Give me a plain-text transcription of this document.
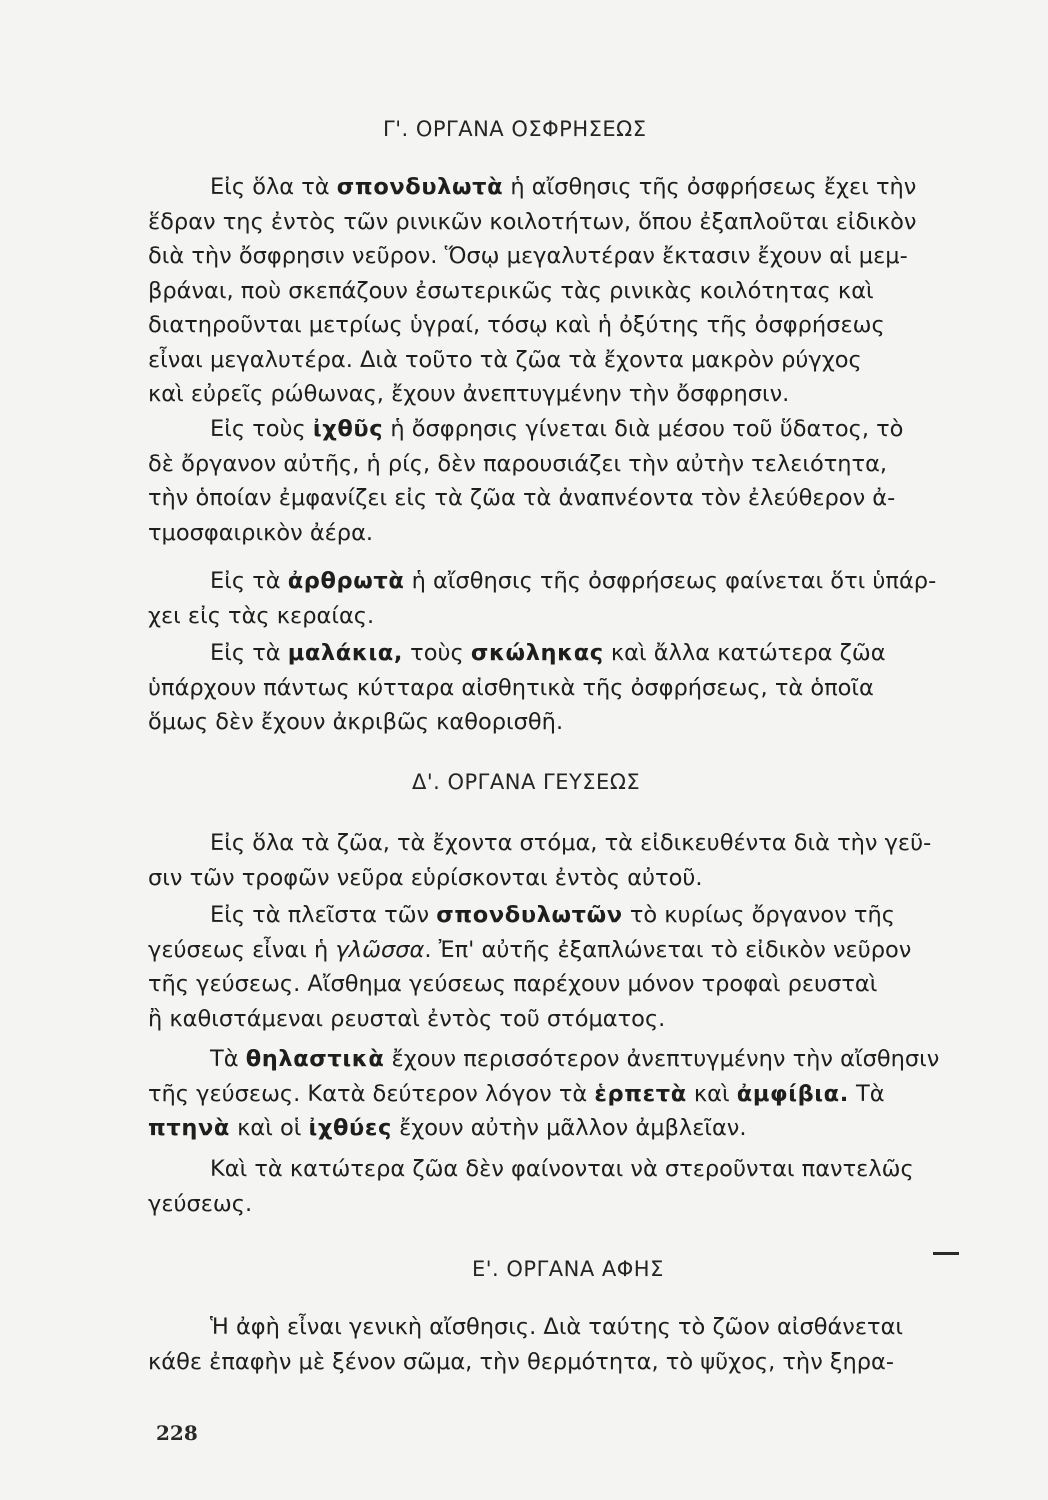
Γ'. ΟΡΓΑΝΑ ΟΣΦΡΗΣΕΩΣ
Εἰς ὅλα τὰ σπονδυλωτὰ ἡ αἴσθησις τῆς ὀσφρήσεως ἔχει τὴν
ἕδραν της ἐντὸς τῶν ρινικῶν κοιλοτήτων, ὅπου ἐξαπλοῦται εἰδικὸν
διὰ τὴν ὄσφρησιν νεῦρον. Ὅσῳ μεγαλυτέραν ἔκτασιν ἔχουν αἱ μεμ-
βράναι, ποὺ σκεπάζουν ἐσωτερικῶς τὰς ρινικὰς κοιλότητας καὶ
διατηροῦνται μετρίως ὑγραί, τόσῳ καὶ ἡ ὀξύτης τῆς ὀσφρήσεως
εἶναι μεγαλυτέρα. Διὰ τοῦτο τὰ ζῶα τὰ ἔχοντα μακρὸν ρύγχος
καὶ εὐρεῖς ρώθωνας, ἔχουν ἀνεπτυγμένην τὴν ὄσφρησιν.
Εἰς τοὺς ἰχθῦς ἡ ὄσφρησις γίνεται διὰ μέσου τοῦ ὕδατος, τὸ
δὲ ὄργανον αὐτῆς, ἡ ρίς, δὲν παρουσιάζει τὴν αὐτὴν τελειότητα,
τὴν ὁποίαν ἐμφανίζει εἰς τὰ ζῶα τὰ ἀναπνέοντα τὸν ἐλεύθερον ἀ-
τμοσφαιρικὸν ἀέρα.
Εἰς τὰ ἀρθρωτὰ ἡ αἴσθησις τῆς ὀσφρήσεως φαίνεται ὅτι ὑπάρ-
χει εἰς τὰς κεραίας.
Εἰς τὰ μαλάκια, τοὺς σκώληκας καὶ ἄλλα κατώτερα ζῶα
ὑπάρχουν πάντως κύτταρα αἰσθητικὰ τῆς ὀσφρήσεως, τὰ ὁποῖα
ὅμως δὲν ἔχουν ἀκριβῶς καθορισθῆ.
Δ'. ΟΡΓΑΝΑ ΓΕΥΣΕΩΣ
Εἰς ὅλα τὰ ζῶα, τὰ ἔχοντα στόμα, τὰ εἰδικευθέντα διὰ τὴν γεῦ-
σιν τῶν τροφῶν νεῦρα εὑρίσκονται ἐντὸς αὐτοῦ.
Εἰς τὰ πλεῖστα τῶν σπονδυλωτῶν τὸ κυρίως ὄργανον τῆς
γεύσεως εἶναι ἡ γλῶσσα. Ἐπ' αὐτῆς ἐξαπλώνεται τὸ εἰδικὸν νεῦρον
τῆς γεύσεως. Αἴσθημα γεύσεως παρέχουν μόνον τροφαὶ ρευσταὶ
ἢ καθιστάμεναι ρευσταὶ ἐντὸς τοῦ στόματος.
Τὰ θηλαστικὰ ἔχουν περισσότερον ἀνεπτυγμένην τὴν αἴσθησιν
τῆς γεύσεως. Κατὰ δεύτερον λόγον τὰ ἑρπετὰ καὶ ἀμφίβια. Τὰ
πτηνὰ καὶ οἱ ἰχθύες ἔχουν αὐτὴν μᾶλλον ἀμβλεῖαν.
Καὶ τὰ κατώτερα ζῶα δὲν φαίνονται νὰ στεροῦνται παντελῶς
γεύσεως.
Ε'. ΟΡΓΑΝΑ ΑΦΗΣ
Ἡ ἀφὴ εἶναι γενικὴ αἴσθησις. Διὰ ταύτης τὸ ζῶον αἰσθάνεται
κάθε ἐπαφὴν μὲ ξένον σῶμα, τὴν θερμότητα, τὸ ψῦχος, τὴν ξηρα-
228
